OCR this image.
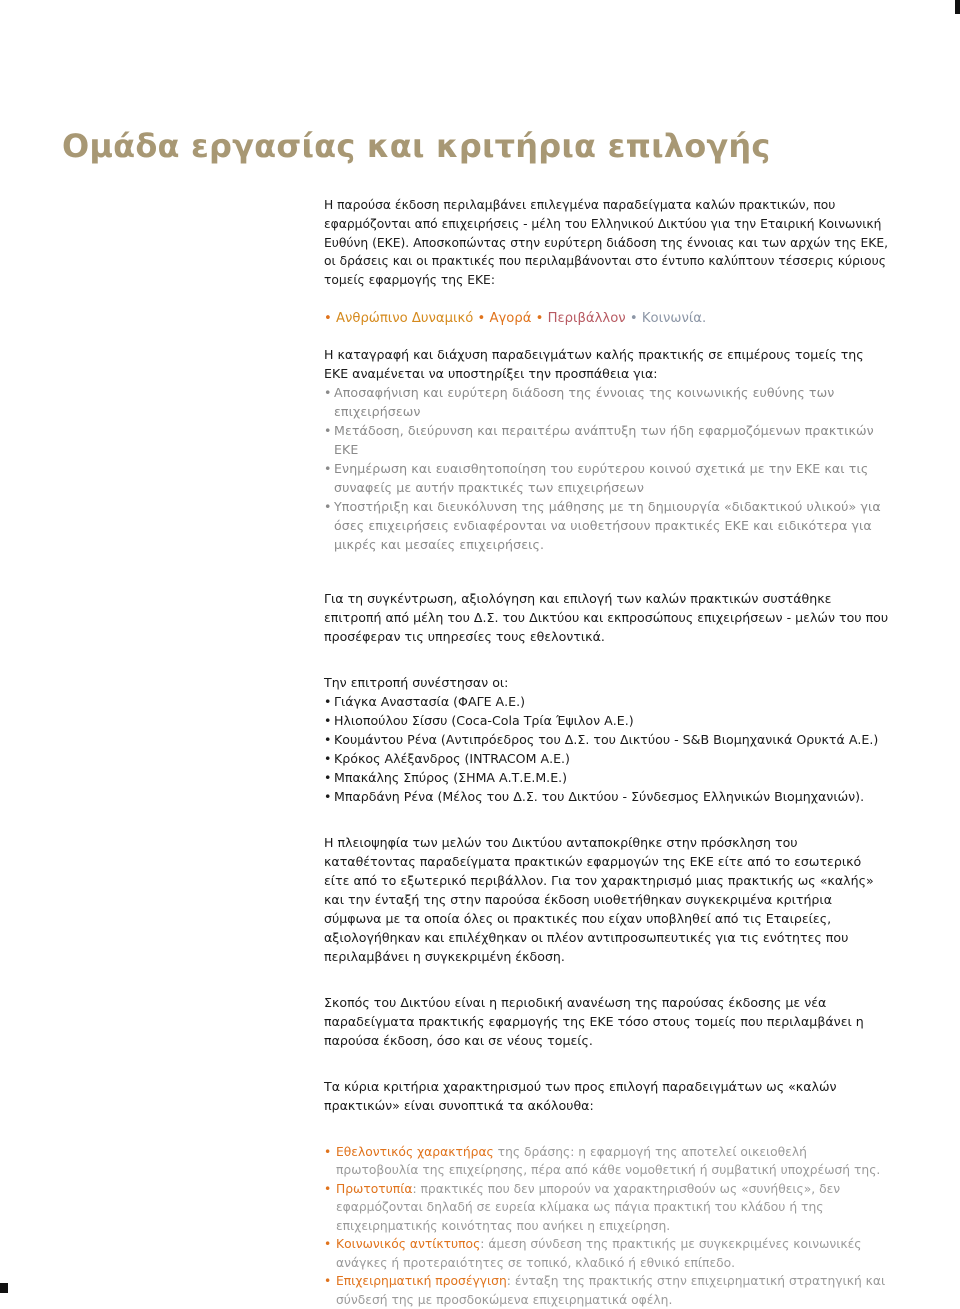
Ομάδα εργασίας και κριτήρια επιλογής

Η παρούσα έκδοση περιλαμβάνει επιλεγμένα παραδείγματα καλών πρακτικών, που εφαρμόζονται από επιχειρήσεις - μέλη του Ελληνικού Δικτύου για την Εταιρική Κοινωνική Ευθύνη (ΕΚΕ). Αποσκοπώντας στην ευρύτερη διάδοση της έννοιας και των αρχών της ΕΚΕ, οι δράσεις και οι πρακτικές που περιλαμβάνονται στο έντυπο καλύπτουν τέσσερις κύριους τομείς εφαρμογής της ΕΚΕ:

• Ανθρώπινο Δυναμικό • Αγορά • Περιβάλλον • Κοινωνία.

Η καταγραφή και διάχυση παραδειγμάτων καλής πρακτικής σε επιμέρους τομείς της ΕΚΕ αναμένεται να υποστηρίξει την προσπάθεια για:

• Αποσαφήνιση και ευρύτερη διάδοση της έννοιας της κοινωνικής ευθύνης των επιχειρήσεων
• Μετάδοση, διεύρυνση και περαιτέρω ανάπτυξη των ήδη εφαρμοζόμενων πρακτικών ΕΚΕ
• Ενημέρωση και ευαισθητοποίηση του ευρύτερου κοινού σχετικά με την ΕΚΕ και τις συναφείς με αυτήν πρακτικές των επιχειρήσεων
• Υποστήριξη και διευκόλυνση της μάθησης με τη δημιουργία «διδακτικού υλικού» για όσες επιχειρήσεις ενδιαφέρονται να υιοθετήσουν πρακτικές ΕΚΕ και ειδικότερα για μικρές και μεσαίες επιχειρήσεις.

Για τη συγκέντρωση, αξιολόγηση και επιλογή των καλών πρακτικών συστάθηκε επιτροπή από μέλη του Δ.Σ. του Δικτύου και εκπροσώπους επιχειρήσεων - μελών του που προσέφεραν τις υπηρεσίες τους εθελοντικά.

Την επιτροπή συνέστησαν οι:

• Γιάγκα Αναστασία (ΦΑΓΕ Α.Ε.)
• Ηλιοπούλου Σίσσυ (Coca-Cola Τρία Έψιλον Α.Ε.)
• Κουμάντου Ρένα (Αντιπρόεδρος του Δ.Σ. του Δικτύου - S&B Βιομηχανικά Ορυκτά Α.Ε.)
• Κρόκος Αλέξανδρος (INTRACOM Α.Ε.)
• Μπακάλης Σπύρος (ΣΗΜΑ Α.Τ.Ε.Μ.Ε.)
• Μπαρδάνη Ρένα (Μέλος του Δ.Σ. του Δικτύου - Σύνδεσμος Ελληνικών Βιομηχανιών).

Η πλειοψηφία των μελών του Δικτύου ανταποκρίθηκε στην πρόσκληση του καταθέτοντας παραδείγματα πρακτικών εφαρμογών της ΕΚΕ είτε από το εσωτερικό είτε από το εξωτερικό περιβάλλον. Για τον χαρακτηρισμό μιας πρακτικής ως «καλής» και την ένταξή της στην παρούσα έκδοση υιοθετήθηκαν συγκεκριμένα κριτήρια σύμφωνα με τα οποία όλες οι πρακτικές που είχαν υποβληθεί από τις Εταιρείες, αξιολογήθηκαν και επιλέχθηκαν οι πλέον αντιπροσωπευτικές για τις ενότητες που περιλαμβάνει η συγκεκριμένη έκδοση.

Σκοπός του Δικτύου είναι η περιοδική ανανέωση της παρούσας έκδοσης με νέα παραδείγματα πρακτικής εφαρμογής της ΕΚΕ τόσο στους τομείς που περιλαμβάνει η παρούσα έκδοση, όσο και σε νέους τομείς.

Τα κύρια κριτήρια χαρακτηρισμού των προς επιλογή παραδειγμάτων ως «καλών πρακτικών» είναι συνοπτικά τα ακόλουθα:

• Εθελοντικός χαρακτήρας της δράσης: η εφαρμογή της αποτελεί οικειοθελή πρωτοβουλία της επιχείρησης, πέρα από κάθε νομοθετική ή συμβατική υποχρέωσή της.
• Πρωτοτυπία: πρακτικές που δεν μπορούν να χαρακτηρισθούν ως «συνήθεις», δεν εφαρμόζονται δηλαδή σε ευρεία κλίμακα ως πάγια πρακτική του κλάδου ή της επιχειρηματικής κοινότητας που ανήκει η επιχείρηση.
• Κοινωνικός αντίκτυπος: άμεση σύνδεση της πρακτικής με συγκεκριμένες κοινωνικές ανάγκες ή προτεραιότητες σε τοπικό, κλαδικό ή εθνικό επίπεδο.
• Επιχειρηματική προσέγγιση: ένταξη της πρακτικής στην επιχειρηματική στρατηγική και σύνδεσή της με προσδοκώμενα επιχειρηματικά οφέλη.
